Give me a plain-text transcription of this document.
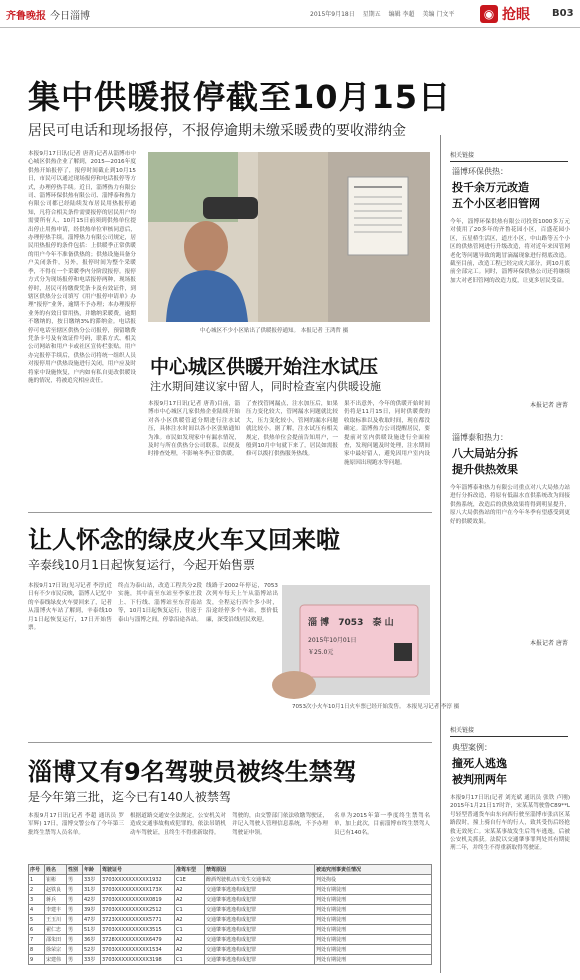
齐鲁晚报 今日淄博	2015年9月18日 星期五 编辑 李超 美编 门文平	◉ 抢眼 B03
集中供暖报停截至10月15日
居民可电话和现场报停，不报停逾期未缴采暖费的要收滞纳金
本报9月17日讯(记者 唐菁)记者从淄博市中心城区供热企业了解到，2015—2016年度供热开始报停了，报停时间截止到10月15日，市民可以通过现场报停和电话报停等方式，办理停热手续。近日，淄博热力有限公司、淄博环保供热有限公司、淄博泰和热力有限公司都已经陆续发布居民用热报停通知，凡符合相关条件需要报停的居民用户均需要所有人、10月15日前须到供热单位提出停止用热申请，经供热单位审核同意后，办理停热手续。淄博热力有限公司规定，居民用热报停的条件包括：上供暖季正常供暖的用户今年不准备供热的；供热设施具备分户关闭条件，另外，报停时间为整个采暖季，不得在一个采暖季内分阶段报停。报停方式分为现场报停和电话报停两种，现场报停时，居民可持缴费凭条卡及有效证件，到辖区供热分公司填写《用户报停申请单》办理“报停”业务，逾期不予办理；本办理报停业务的有效日常用热，并缴纳采暖费，逾期不缴纳的，按日缴纳3%的滞纳金。电话报停可电话至辖区供热分公司报停，预留缴费凭条卡号及有效证件号码，联系方式、相关公司网站和用户卡或社区宣传栏张贴。用户办完报停手续后，供热公司将统一组织人员对报停用户供热设施进行关闭，用户应及时将家中设施恢复，户内如有私自更改供暖设施的情况，将被追究相应责任。
中心城区不少小区贴出了供暖报停通知。 本报记者 王鸿哲 摄
中心城区供暖开始注水试压
注水期间建议家中留人，同时检查室内供暖设施
本报9月17日讯(记者 唐菁)目前，淄博市中心城区几家供热企业陆续开始对各小区供暖管道分期进行注水试压，具体注水时间以各小区张贴通知为准。市民如发现家中有漏水情况，及时与所在供热分公司联系，以便及时排查处理，不影响冬季正常供暖。
了查找管网漏点，注水加压后，如果压力变化较大，管网漏水问题就比较大，压力变化较小，管网的漏水问题就比较小。据了解，注水试压有相关规定，供热单位会提前告知用户，一般到10月中旬就下来了，居民如需报修可以拨打供热服务热线。
果不出意外，今年的供暖开始时间仍将是11月15日，同时供暖费的收取标准以及收取时间，现在都没确定。淄博热力公司提醒居民，要提前对室内供暖设施进行全面检查，发现问题及时处理，注水期间家中最好留人，避免因用户室内设施原因出现跑水等问题。
相关链接
淄博环保供热：
投千余万元改造
五个小区老旧管网
今年，淄博环保供热有限公司投资1000多万元对使用了20多年的齐鲁花园小区，百盛花园小区，五星桥生活区，道庄小区，中山路等五个小区的供热管网进行升级改造，将对近年来因管网老化等问题导致的跑冒滴漏现象进行彻底改造。截至目前，改造工程已经完成大部分，到10月底前全部完工。同时，淄博环保供热公司还将继续加大对老旧管网的改造力度，让更多居民受益。
本报记者 唐菁
淄博泰和热力：
八大局站分拆
提升供热效果
今年淄博泰和热力有限公司重点对八大局热力站进行分拆改造，将原有低温水直供系统改为间接供热系统，改造后的供热效果将得到明显提升，原八大局供热站的用户在今年冬季有望感受到更好的供暖效果。
本报记者 唐菁
相关链接
典型案例：
撞死人逃逸
被判刑两年
本报9月17日讯(记者 刘光斌 通讯员 张铁 卢刚) 2015年1月21日17时许，宋某某驾驶鲁C89**L号轻型普通货车由东向西行驶至淄博市张店区某路段时，撞上骑自行车的行人，致其受伤后经抢救无效死亡。宋某某事故发生后驾车逃逸，后被公安机关抓获。法院以交通肇事罪判处其有期徒刑二年，并终生不得重新取得驾驶证。
让人怀念的绿皮火车又回来啦
辛泰线10月1日起恢复运行，今起开始售票
本报9月17日讯(见习记者 李淳)近日有不少市民反映，淄博人记忆中的辛泰线绿皮火车要回来了，记者从淄博火车站了解到，辛泰线10月1日起恢复运行，17日开始售票。
终点为泰山站，改造工程共分2段实施，其中南至东站至李家庄段上、下行线、淄博站至东营南站等，10月1日起恢复运行，往返于泰山与淄博之间，停靠沿途各站。
线路于2002年停运，7053次列车每天上午从淄博站出发，全程运行四个多小时，沿途经停多个车站，票价低廉，深受沿线居民欢迎。	淄 博 7053 泰 山
2015年10月01日
￥25.0元
7053次小火车10月1日火车票已经开始发售。 本报见习记者 李淳 摄
淄博又有9名驾驶员被终生禁驾
是今年第三批，迄今已有140人被禁驾
本报9月17日讯(记者 李超 通讯员 罗军辉) 17日，淄博交警公布了今年第三批终生禁驾人员名单。
根据道路交通安全法规定，公安机关对造成交通事故构成犯罪的，依法吊销机动车驾驶证，且终生不得重新取得。
驾驶的，由交警部门依法收缴驾驶证，并记入驾驶人管理信息系统，不予办理驾驶证申领。
名单为2015年第一季度终生禁驾名单，加上此次，目前淄博市终生禁驾人员已有140名。
序号	姓名	性别	年龄	驾驶证号	准驾车型	禁驾原因	被追究刑事责任情况
1	崔彬	男	33岁	3703XXXXXXXXXX1932	C1E	醉酒驾驶机动车发生交通事故	判处拘役
2	赵铁良	男	31岁	3703XXXXXXXXXX173X	A2	交通肇事逃逸构成犯罪	判处有期徒刑
3	蒋兵	男	42岁	3703XXXXXXXXXX0819	A2	交通肇事逃逸构成犯罪	判处有期徒刑
4	李建丰	男	39岁	3703XXXXXXXXXX2512	C1	交通肇事逃逸构成犯罪	判处有期徒刑
5	王玉川	男	47岁	3723XXXXXXXXXX5771	A2	交通肇事逃逸构成犯罪	判处有期徒刑
6	翟仁忠	男	51岁	3703XXXXXXXXXX3515	C1	交通肇事逃逸构成犯罪	判处有期徒刑
7	邵朱田	男	36岁	3728XXXXXXXXXX6479	A2	交通肇事逃逸构成犯罪	判处有期徒刑
8	徐荣宗	男	52岁	3703XXXXXXXXXX1534	A2	交通肇事逃逸构成犯罪	判处有期徒刑
9	宋建伟	男	33岁	3703XXXXXXXXXX3198	C1	交通肇事逃逸构成犯罪	判处有期徒刑
